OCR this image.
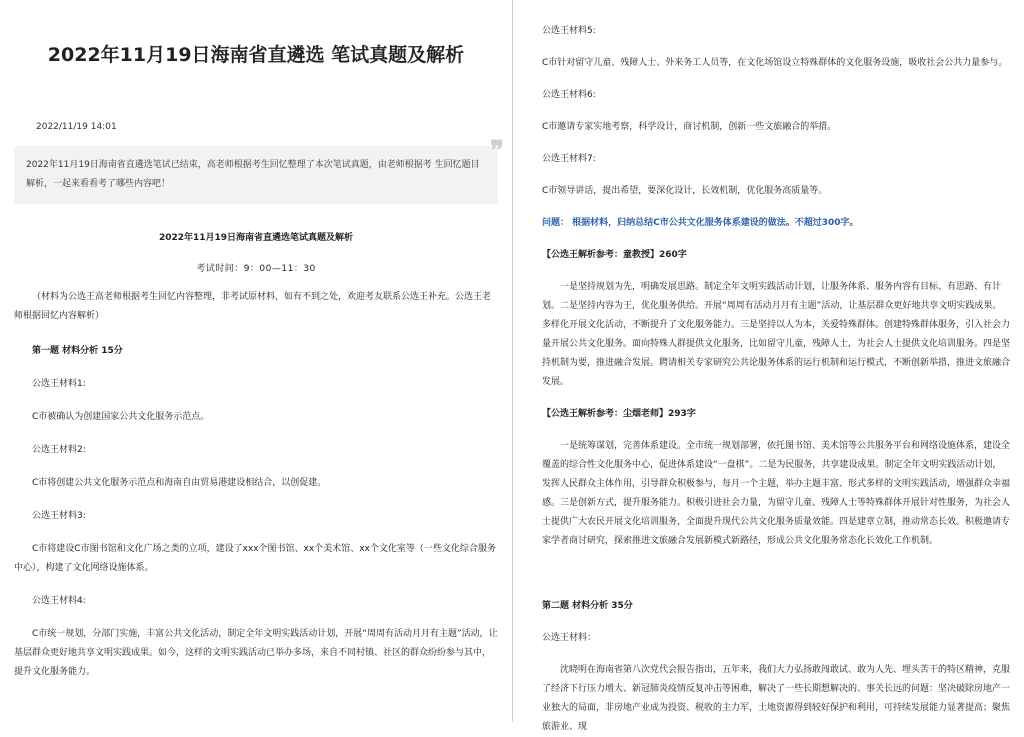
2022年11月19日海南省直遴选 笔试真题及解析
2022/11/19 14:01
❞
2022年11月19日海南省直遴选笔试已结束，高老师根据考生回忆整理了本次笔试真题，由老师根据考 生回忆题目解析，一起来看看考了哪些内容吧！
2022年11月19日海南省直遴选笔试真题及解析
考试时间：9：00—11：30

（材料为公选王高老师根据考生回忆内容整理，非考试原材料，如有不到之处，欢迎考友联系公选王补充。公选王老师根据回忆内容解析）

第一题 材料分析 15分

公选王材料1:

C市被确认为创建国家公共文化服务示范点。

公选王材料2:

C市将创建公共文化服务示范点和海南自由贸易港建设相结合，以创促建。

公选王材料3:

C市将建设C市图书馆和文化广场之类的立项，建设了xxx个图书馆、xx个美术馆、xx个文化室等（一些文化综合服务中心），构建了文化网络设施体系。

公选王材料4:

C市统一规划，分部门实施，丰富公共文化活动，制定全年文明实践活动计划，开展“周周有活动月月有主题”活动，让基层群众更好地共享文明实践成果。如今，这样的文明实践活动已举办多场，来自不同村镇、社区的群众纷纷参与其中，提升文化服务能力。

公选王材料5:

C市针对留守儿童、残障人士、外来务工人员等，在文化场馆设立特殊群体的文化服务设施，吸收社会公共力量参与。

公选王材料6:

C市邀请专家实地考察，科学设计，商讨机制，创新一些文旅融合的举措。

公选王材料7:

C市领导讲话，提出希望，要深化设计，长效机制，优化服务高质量等。

问题： 根据材料，归纳总结C市公共文化服务体系建设的做法。不超过300字。

【公选王解析参考：童教授】260字

一是坚持规划为先，明确发展思路。制定全年文明实践活动计划，让服务体系、服务内容有目标、有思路、有计划。二是坚持内容为王，优化服务供给。开展“周周有活动月月有主题”活动，让基层群众更好地共享文明实践成果。多样化开展文化活动，不断提升了文化服务能力。三是坚持以人为本，关爱特殊群体。创建特殊群体服务，引入社会力量开展公共文化服务。面向特殊人群提供文化服务，比如留守儿童，残障人士，为社会人士提供文化培训服务。四是坚持机制为要，推进融合发展。聘请相关专家研究公共论服务体系的运行机制和运行模式，不断创新举措，推进文旅融合发展。

【公选王解析参考：尘烟老师】293字

一是统筹谋划，完善体系建设。全市统一规划部署，依托图书馆、美术馆等公共服务平台和网络设施体系，建设全覆盖的综合性文化服务中心，促进体系建设“一盘棋”。二是为民服务，共享建设成果。制定全年文明实践活动计划，发挥人民群众主体作用，引导群众积极参与，每月一个主题，举办主题丰富、形式多样的文明实践活动，增强群众幸福感。三是创新方式，提升服务能力。积极引进社会力量，为留守儿童、残障人士等特殊群体开展针对性服务，为社会人士提供广大农民开展文化培训服务，全面提升现代公共文化服务质量效能。四是建章立制，推动常态长效。积极邀请专家学者商讨研究，探索推进文旅融合发展新模式新路径，形成公共文化服务常态化长效化工作机制。

第二题 材料分析 35分

公选王材料：

沈晓明在海南省第八次党代会报告指出，五年来，我们大力弘扬敢闯敢试、敢为人先、埋头苦干的特区精神，克服了经济下行压力增大、新冠肺炎疫情反复冲击等困难，解决了一些长期想解决的、事关长远的问题：坚决破除房地产一业独大的局面，非房地产业成为投资、税收的主力军，土地资源得到较好保护和利用，可持续发展能力显著提高；聚焦旅游业、现
